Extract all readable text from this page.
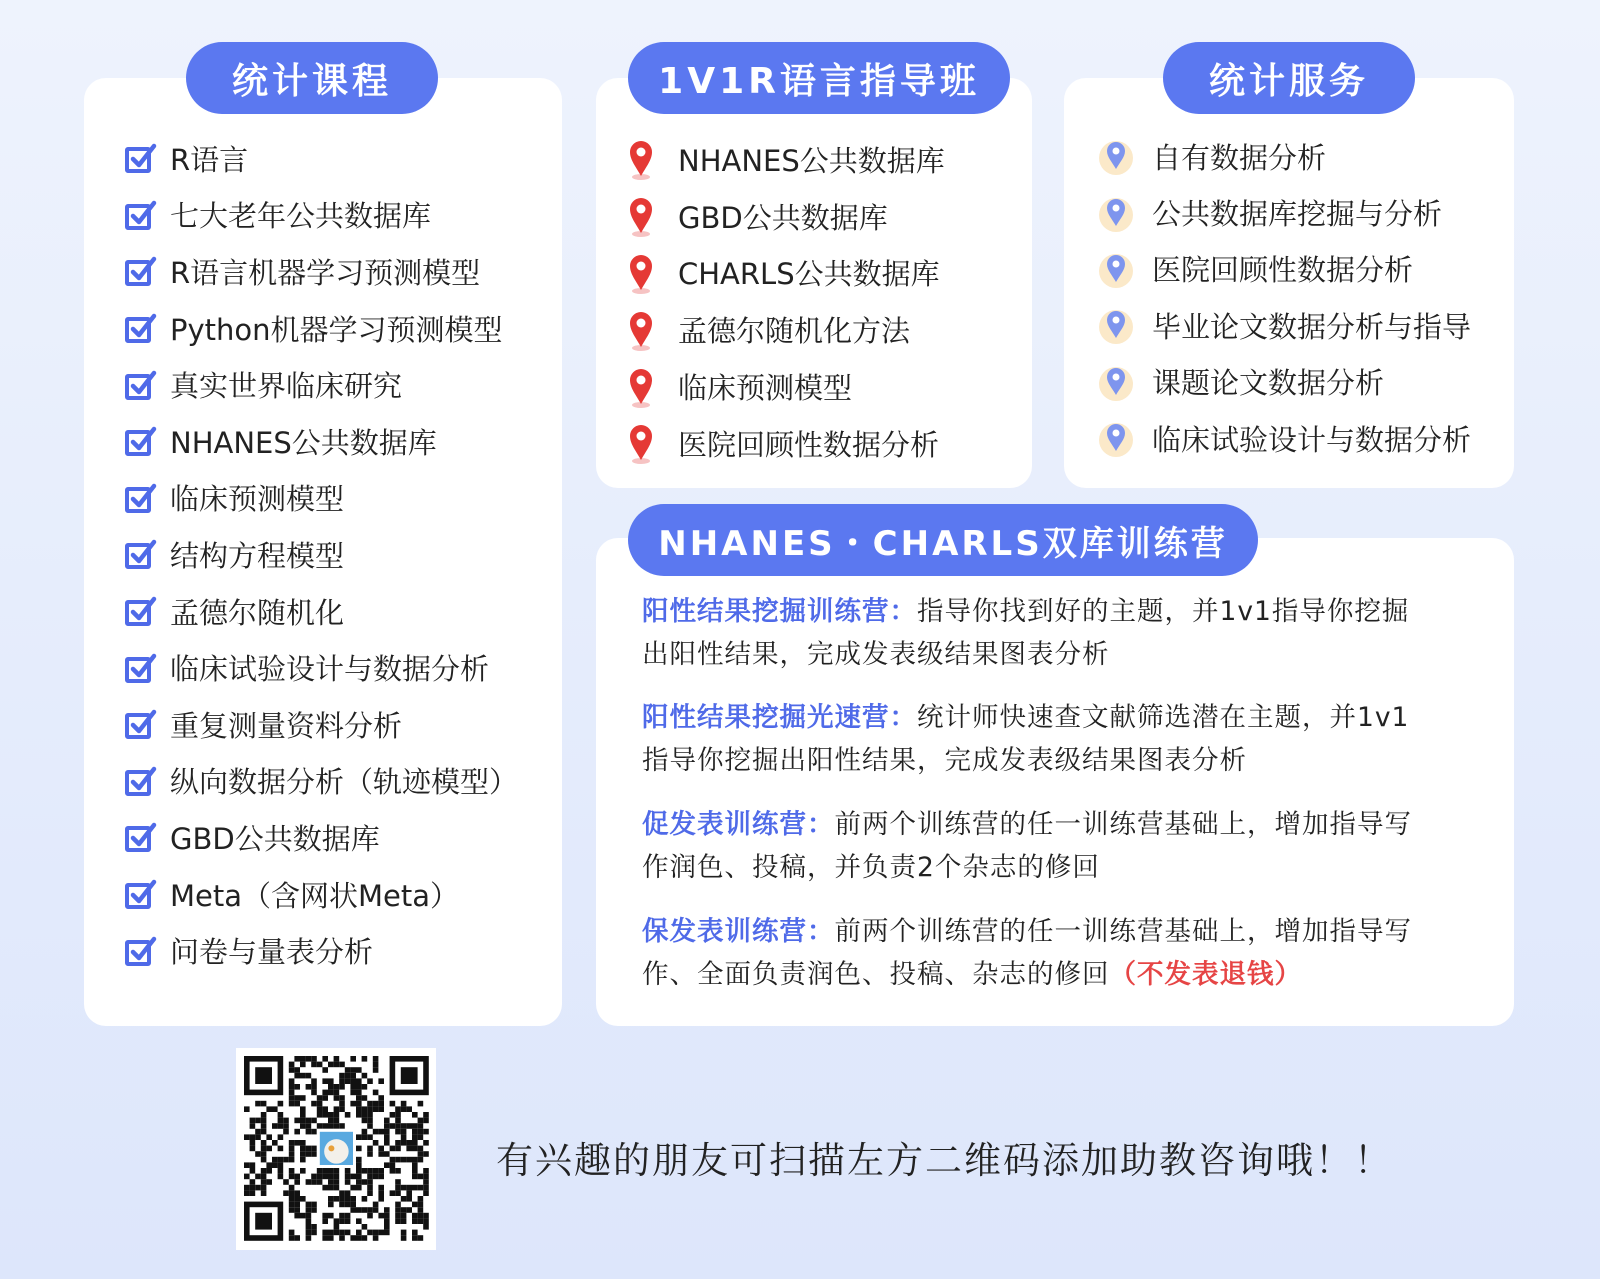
统计课程
R语言
七大老年公共数据库
R语言机器学习预测模型
Python机器学习预测模型
真实世界临床研究
NHANES公共数据库
临床预测模型
结构方程模型
孟德尔随机化
临床试验设计与数据分析
重复测量资料分析
纵向数据分析（轨迹模型）
GBD公共数据库
Meta（含网状Meta）
问卷与量表分析
1V1R语言指导班
NHANES公共数据库
GBD公共数据库
CHARLS公共数据库
孟德尔随机化方法
临床预测模型
医院回顾性数据分析
统计服务
自有数据分析
公共数据库挖掘与分析
医院回顾性数据分析
毕业论文数据分析与指导
课题论文数据分析
临床试验设计与数据分析
NHANES・CHARLS双库训练营
阳性结果挖掘训练营：指导你找到好的主题，并1v1指导你挖掘
出阳性结果，完成发表级结果图表分析
阳性结果挖掘光速营：统计师快速查文献筛选潜在主题，并1v1
指导你挖掘出阳性结果，完成发表级结果图表分析
促发表训练营：前两个训练营的任一训练营基础上，增加指导写
作润色、投稿，并负责2个杂志的修回
保发表训练营：前两个训练营的任一训练营基础上，增加指导写
作、全面负责润色、投稿、杂志的修回（不发表退钱）
有兴趣的朋友可扫描左方二维码添加助教咨询哦！！
